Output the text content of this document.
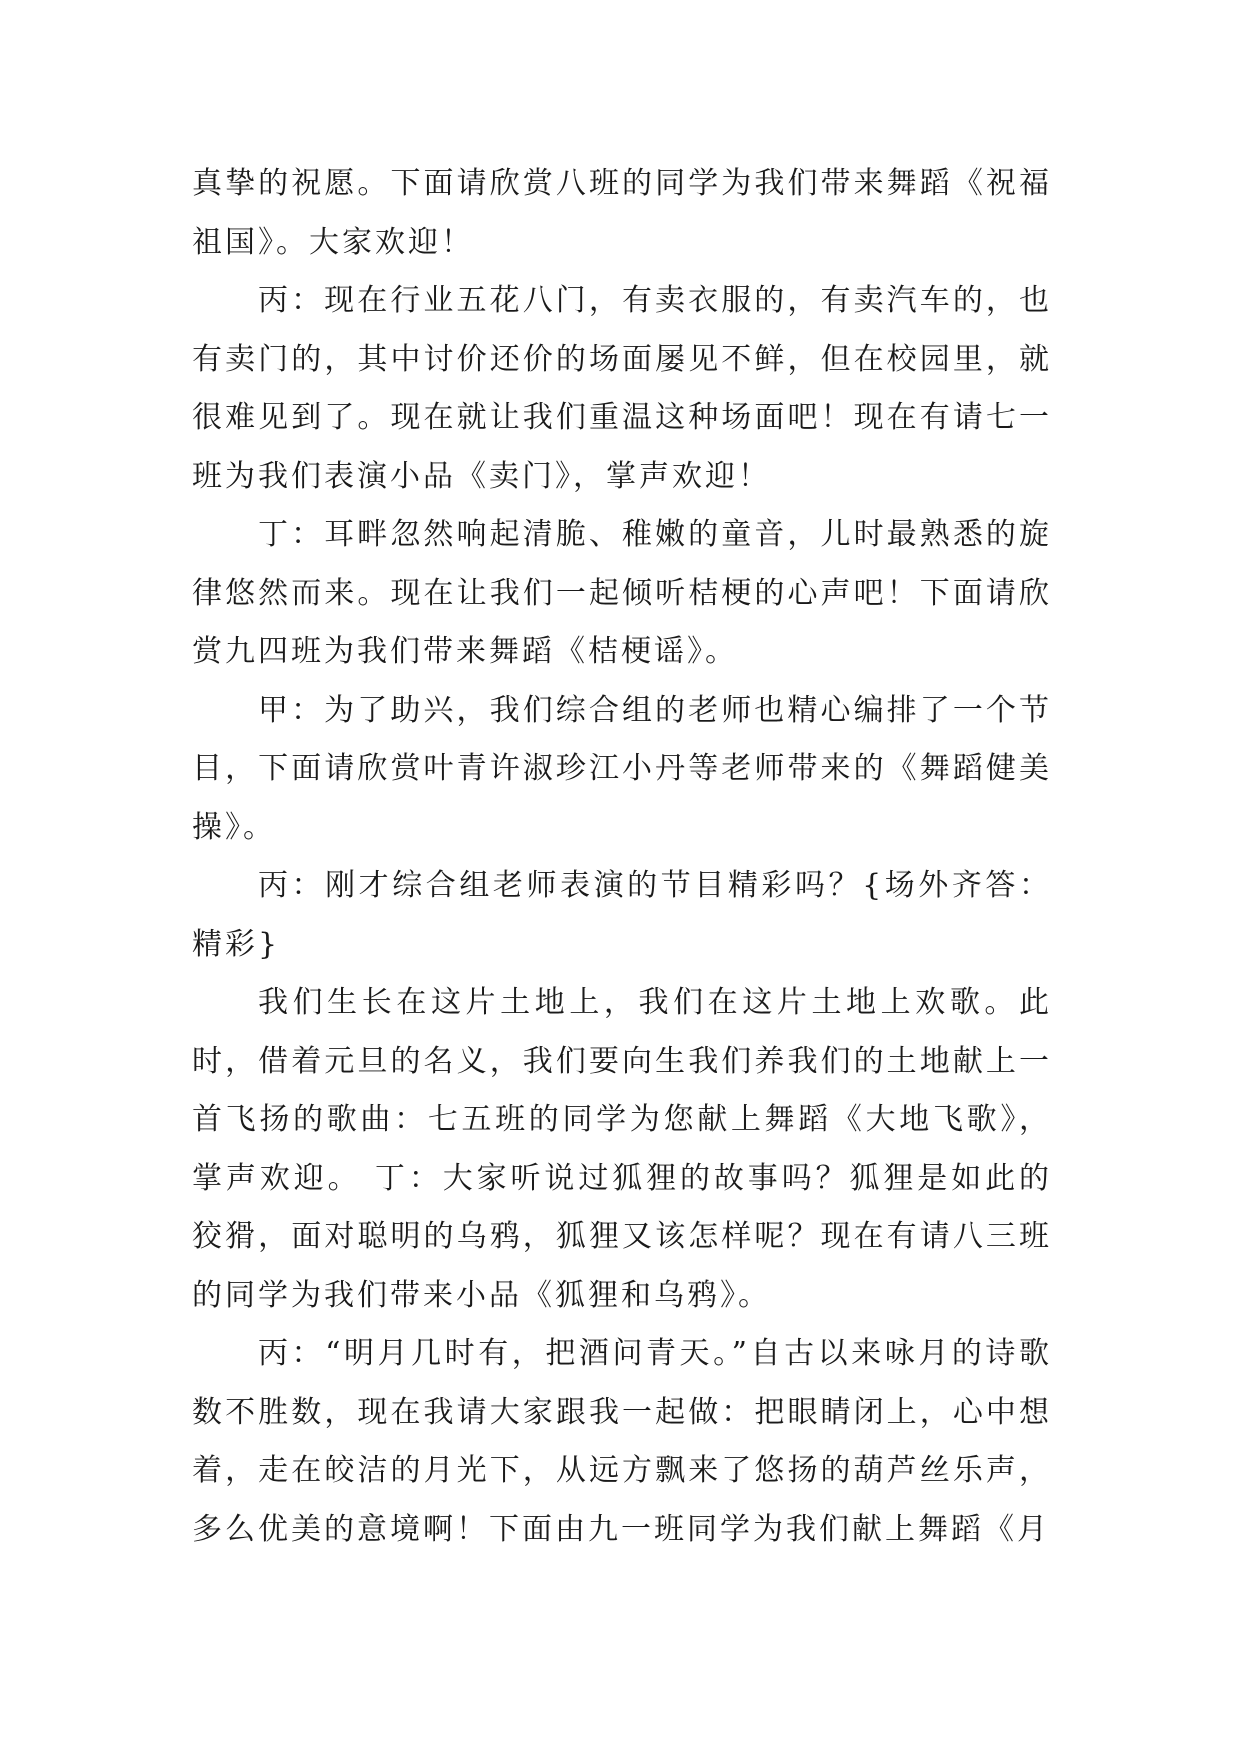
真挚的祝愿。下面请欣赏八班的同学为我们带来舞蹈《祝福祖国》。大家欢迎！

丙：现在行业五花八门，有卖衣服的，有卖汽车的，也有卖门的，其中讨价还价的场面屡见不鲜，但在校园里，就很难见到了。现在就让我们重温这种场面吧！现在有请七一班为我们表演小品《卖门》，掌声欢迎！

丁：耳畔忽然响起清脆、稚嫩的童音，儿时最熟悉的旋律悠然而来。现在让我们一起倾听桔梗的心声吧！下面请欣赏九四班为我们带来舞蹈《桔梗谣》。

甲：为了助兴，我们综合组的老师也精心编排了一个节目，下面请欣赏叶青许淑珍江小丹等老师带来的《舞蹈健美操》。

丙：刚才综合组老师表演的节目精彩吗？{场外齐答：精彩}

我们生长在这片土地上，我们在这片土地上欢歌。此时，借着元旦的名义，我们要向生我们养我们的土地献上一首飞扬的歌曲：七五班的同学为您献上舞蹈《大地飞歌》，掌声欢迎。 丁：大家听说过狐狸的故事吗？狐狸是如此的狡猾，面对聪明的乌鸦，狐狸又该怎样呢？现在有请八三班的同学为我们带来小品《狐狸和乌鸦》。

丙：“明月几时有，把酒问青天。”自古以来咏月的诗歌数不胜数，现在我请大家跟我一起做：把眼睛闭上，心中想着，走在皎洁的月光下，从远方飘来了悠扬的葫芦丝乐声，多么优美的意境啊！下面由九一班同学为我们献上舞蹈《月
